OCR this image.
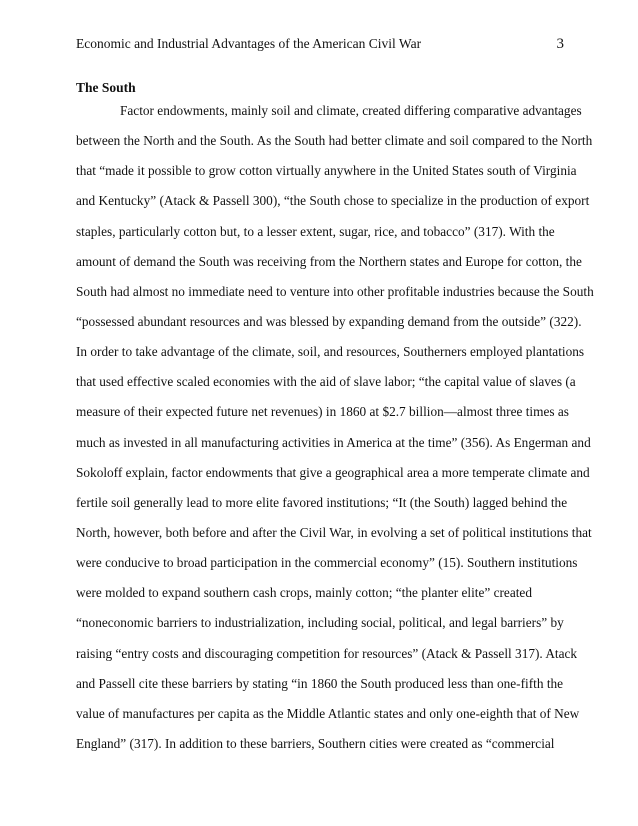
Economic and Industrial Advantages of the American Civil War	3
The South
Factor endowments, mainly soil and climate, created differing comparative advantages
between the North and the South. As the South had better climate and soil compared to the North
that “made it possible to grow cotton virtually anywhere in the United States south of Virginia
and Kentucky” (Atack & Passell 300), “the South chose to specialize in the production of export
staples, particularly cotton but, to a lesser extent, sugar, rice, and tobacco” (317). With the
amount of demand the South was receiving from the Northern states and Europe for cotton, the
South had almost no immediate need to venture into other profitable industries because the South
“possessed abundant resources and was blessed by expanding demand from the outside” (322).
In order to take advantage of the climate, soil, and resources, Southerners employed plantations
that used effective scaled economies with the aid of slave labor; “the capital value of slaves (a
measure of their expected future net revenues) in 1860 at $2.7 billion—almost three times as
much as invested in all manufacturing activities in America at the time” (356). As Engerman and
Sokoloff explain, factor endowments that give a geographical area a more temperate climate and
fertile soil generally lead to more elite favored institutions; “It (the South) lagged behind the
North, however, both before and after the Civil War, in evolving a set of political institutions that
were conducive to broad participation in the commercial economy” (15). Southern institutions
were molded to expand southern cash crops, mainly cotton; “the planter elite” created
“noneconomic barriers to industrialization, including social, political, and legal barriers” by
raising “entry costs and discouraging competition for resources” (Atack & Passell 317). Atack
and Passell cite these barriers by stating “in 1860 the South produced less than one-fifth the
value of manufactures per capita as the Middle Atlantic states and only one-eighth that of New
England” (317). In addition to these barriers, Southern cities were created as “commercial
